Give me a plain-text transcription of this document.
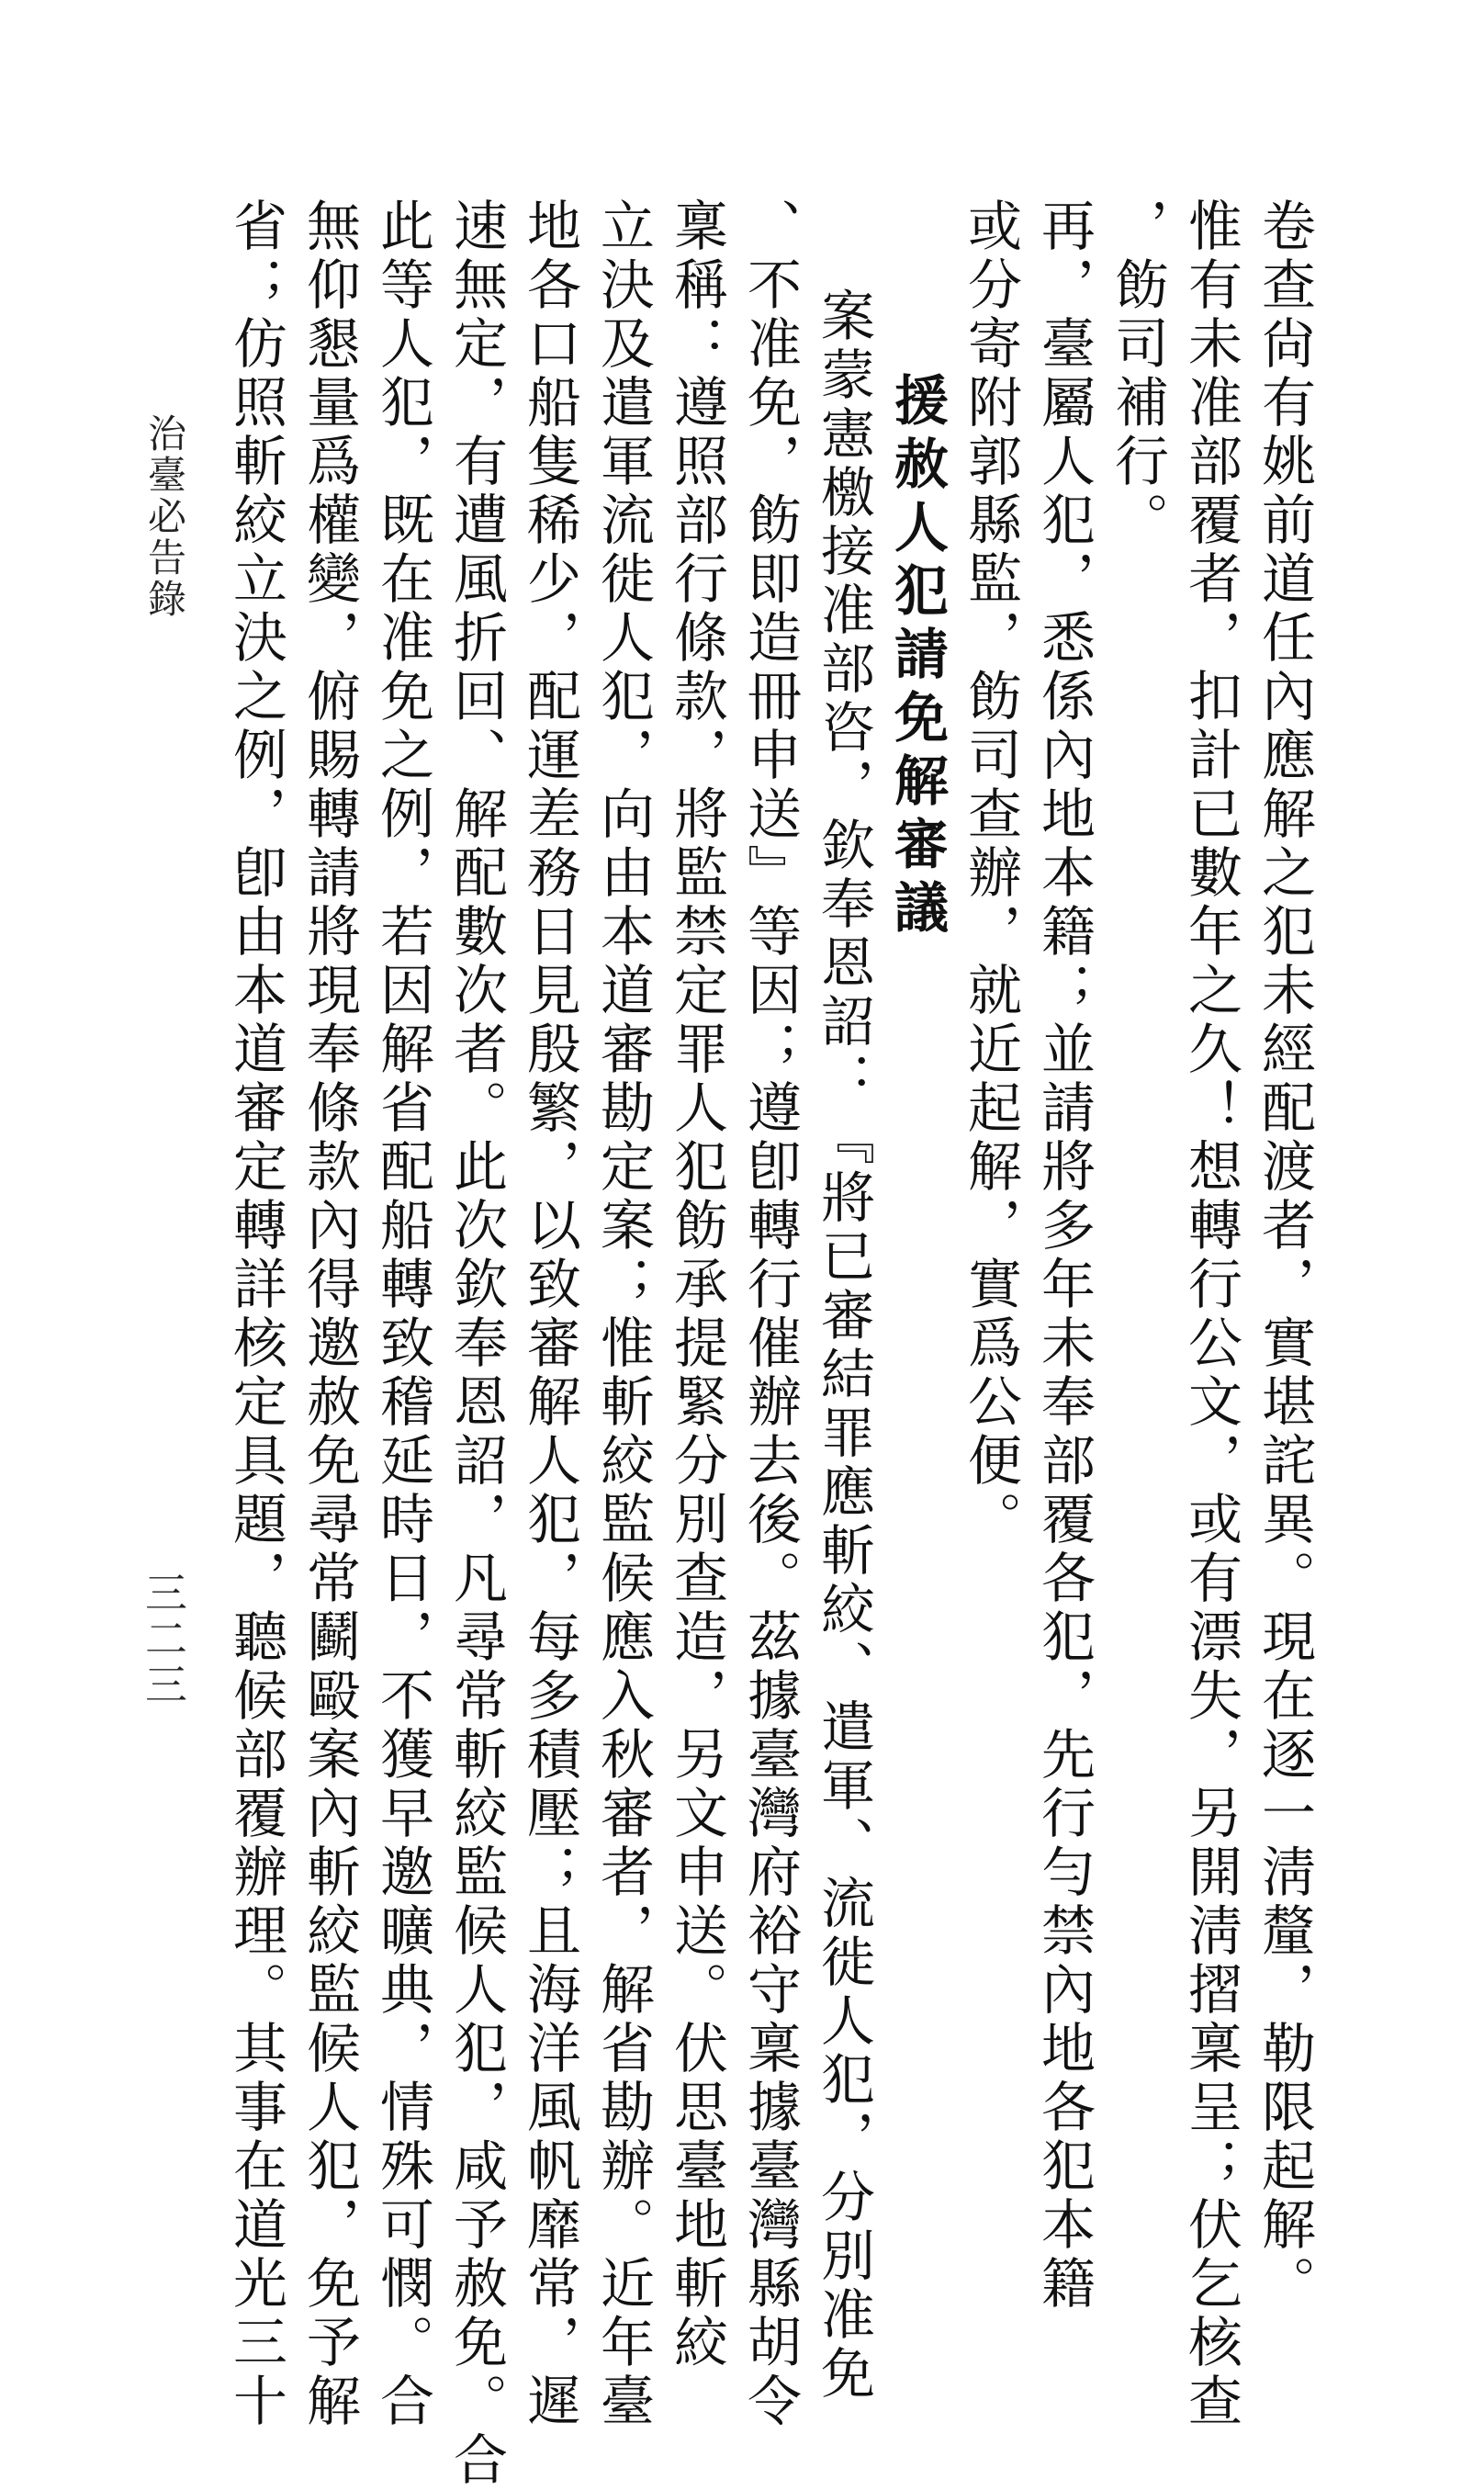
卷查尙有姚前道任內應解之犯未經配渡者，實堪詫異。現在逐一淸釐，勒限起解。
惟有未准部覆者，扣計已數年之久！想轉行公文，或有漂失，另開淸摺稟呈；伏乞核查
，飭司補行。
再，臺屬人犯，悉係內地本籍；並請將多年未奉部覆各犯，先行勻禁內地各犯本籍
或分寄附郭縣監，飭司查辦，就近起解，實爲公便。
援赦人犯請免解審議
案蒙憲檄接准部咨，欽奉恩詔：『將已審結罪應斬絞、遣軍、流徙人犯，分別准免
、不准免，飭即造冊申送』等因；遵卽轉行催辦去後。茲據臺灣府裕守稟據臺灣縣胡令
稟稱：遵照部行條款，將監禁定罪人犯飭承提緊分別查造，另文申送。伏思臺地斬絞
立決及遣軍流徙人犯，向由本道審勘定案；惟斬絞監候應入秋審者，解省勘辦。近年臺
地各口船隻稀少，配運差務日見殷繁，以致審解人犯，每多積壓；且海洋風帆靡常，遲
速無定，有遭風折回、解配數次者。此次欽奉恩詔，凡尋常斬絞監候人犯，咸予赦免。合
此等人犯，既在准免之例，若因解省配船轉致稽延時日，不獲早邀曠典，情殊可憫。合
無仰懇量爲權變，俯賜轉請將現奉條款內得邀赦免尋常鬬毆案內斬絞監候人犯，免予解
省；仿照斬絞立決之例，卽由本道審定轉詳核定具題，聽候部覆辦理。其事在道光三十
三二三
治臺必告錄
